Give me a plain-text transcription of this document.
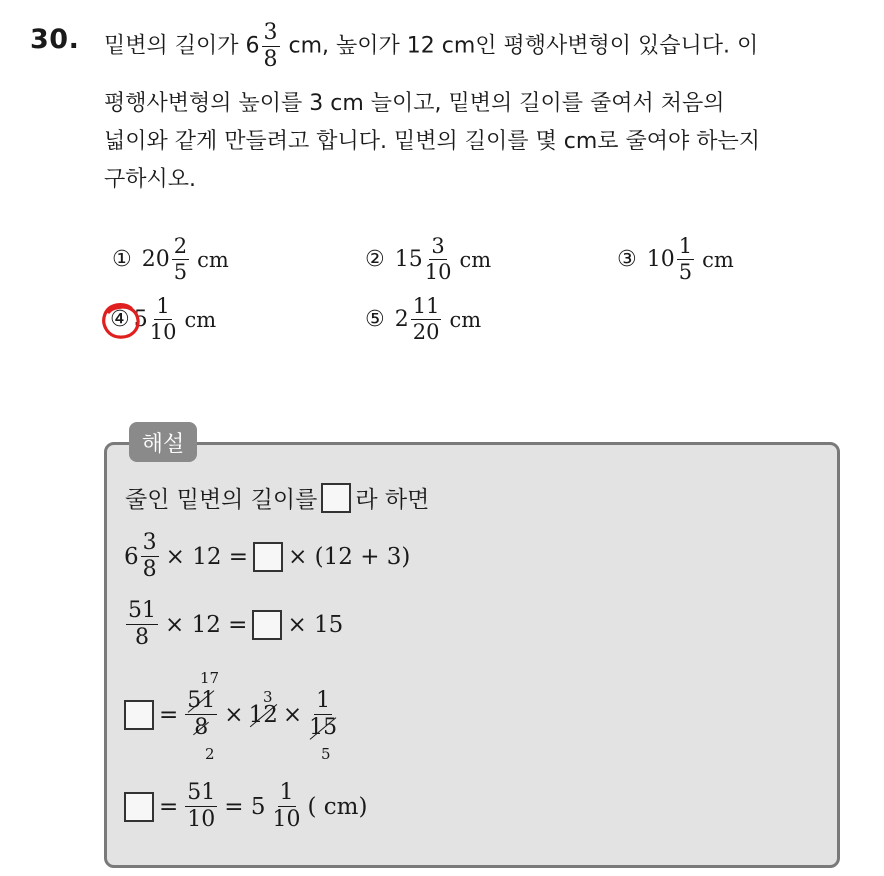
30. 밑변의 길이가 $6 \frac{3}{8}$ cm, 높이가 12 cm인 평행사변형이 있습니다. 이
평행사변형의 높이를 3 cm 늘이고, 밑변의 길이를 줄여서 처음의
넓이와 같게 만들려고 합니다. 밑변의 길이를 몇 cm로 줄여야 하는지
구하시오.
① $20 \frac{2}{5}$ cm	② $15 \frac{3}{10}$ cm	③ $10 \frac{1}{5}$ cm
④ $5 \frac{1}{10}$ cm	⑤ $2 \frac{11}{20}$ cm
해설
줄인 밑변의 길이를 라 하면
$6 \frac{3}{8} \times 12$ = × (12 + 3)
$\frac{51}{8} \times 12$ = × 15
= $\frac{51}{8} \times 12 \times \frac{1}{15}$
17
2
3
5
= $\frac{51}{10} = 5 \frac{1}{10}$ ( cm)
